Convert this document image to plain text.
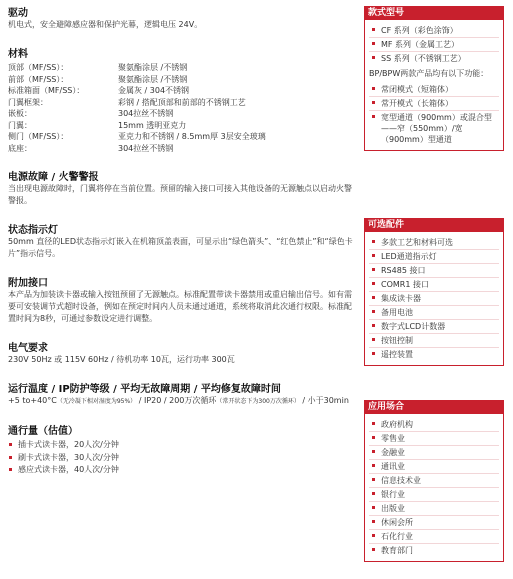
驱动
机电式，安全避障感应器和保护光幕，逻辑电压 24V。
材料
顶部（MF/SS）：	聚氨酯涂层 /不锈钢
前部（MF/SS）：	聚氨酯涂层 /不锈钢
标准箱面（MF/SS）：	金属灰 / 304不锈钢
门翼框架：	彩钢 / 搭配顶部和前部的不锈钢工艺
嵌板：	304拉丝不锈钢
门翼：	15mm 透明亚克力
侧门（MF/SS）：	亚克力和不锈钢 / 8.5mm厚 3层安全玻璃
底座：	304拉丝不锈钢
电源故障 / 火警警报
当出现电源故障时，门翼将停在当前位置。预留的输入接口可接入其他设备的无源触点以启动火警警报。
状态指示灯
50mm 直径的LED状态指示灯嵌入在机箱顶盖表面，可显示出“绿色箭头”、“红色禁止”和“绿色卡片”指示信号。
附加接口
本产品为加装读卡器或输入按钮预留了无源触点。标准配置带读卡器禁用或重启输出信号。如有需要可安装调节式超时设备，例如在预定时间内人员未通过通道，系统将取消此次通行权限。标准配置时间为8秒，可通过参数设定进行调整。
电气要求
230V 50Hz 或 115V 60Hz / 待机功率 10瓦，运行功率 300瓦
运行温度 / IP防护等级 / 平均无故障周期 / 平均修复故障时间
+5 to+40°C（无冷凝下相对湿度为95%） / IP20 / 200万次循环（常开状态下为300万次循环） / 小于30min
通行量（估值）
插卡式读卡器，20人次/分钟
刷卡式读卡器，30人次/分钟
感应式读卡器，40人次/分钟
款式型号
CF 系列（彩色涂饰）
MF 系列（金属工艺）
SS 系列（不锈钢工艺）
BP/BPW两款产品均有以下功能：
常闭模式（短箱体）
常开模式（长箱体）
宽型通道（900mm）或混合型——窄（550mm）/宽（900mm）型通道
可选配件
多款工艺和材料可选
LED通道指示灯
RS485 接口
COMR1 接口
集成读卡器
备用电池
数字式LCD计数器
按钮控制
遥控装置
应用场合
政府机构
零售业
金融业
通讯业
信息技术业
银行业
出版业
休闲会所
石化行业
教育部门
